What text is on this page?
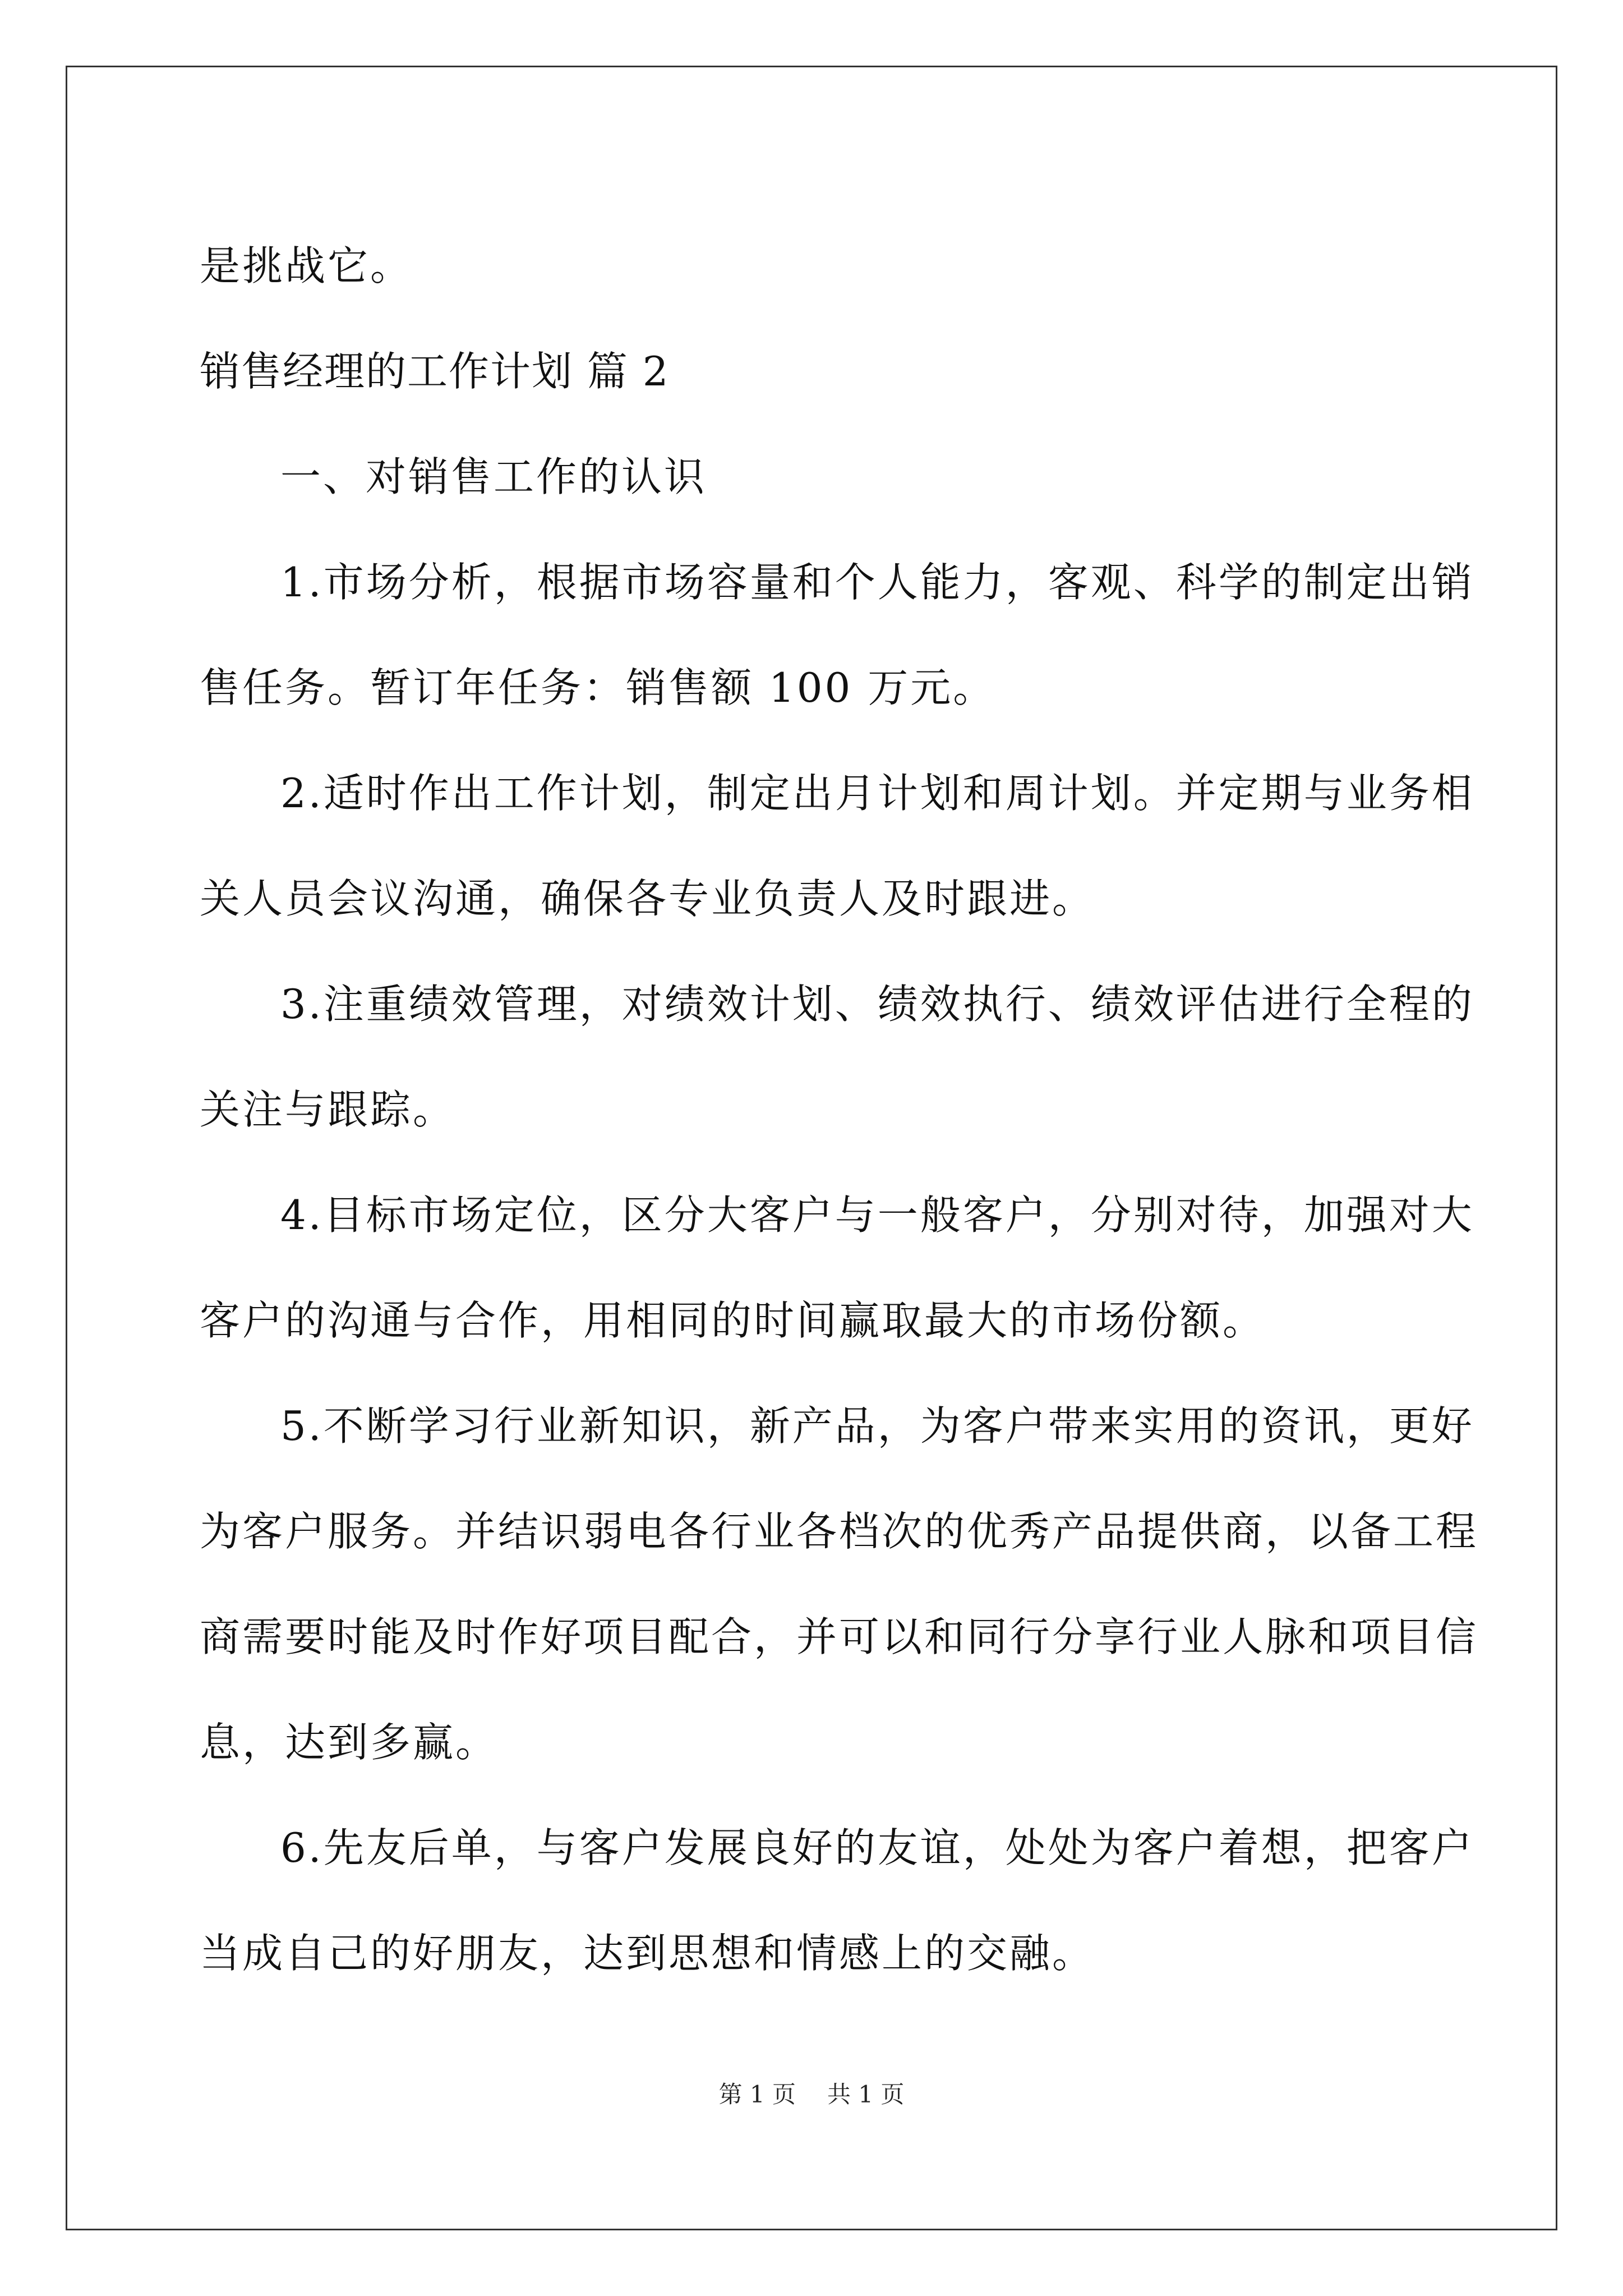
是挑战它。
销售经理的工作计划 篇 2
一、对销售工作的认识
1.市场分析，根据市场容量和个人能力，客观、科学的制定出销
售任务。暂订年任务：销售额 100 万元。
2.适时作出工作计划，制定出月计划和周计划。并定期与业务相
关人员会议沟通，确保各专业负责人及时跟进。
3.注重绩效管理，对绩效计划、绩效执行、绩效评估进行全程的
关注与跟踪。
4.目标市场定位，区分大客户与一般客户，分别对待，加强对大
客户的沟通与合作，用相同的时间赢取最大的市场份额。
5.不断学习行业新知识，新产品，为客户带来实用的资讯，更好
为客户服务。并结识弱电各行业各档次的优秀产品提供商，以备工程
商需要时能及时作好项目配合，并可以和同行分享行业人脉和项目信
息，达到多赢。
6.先友后单，与客户发展良好的友谊，处处为客户着想，把客户
当成自己的好朋友，达到思想和情感上的交融。
第 1 页 共 1 页
